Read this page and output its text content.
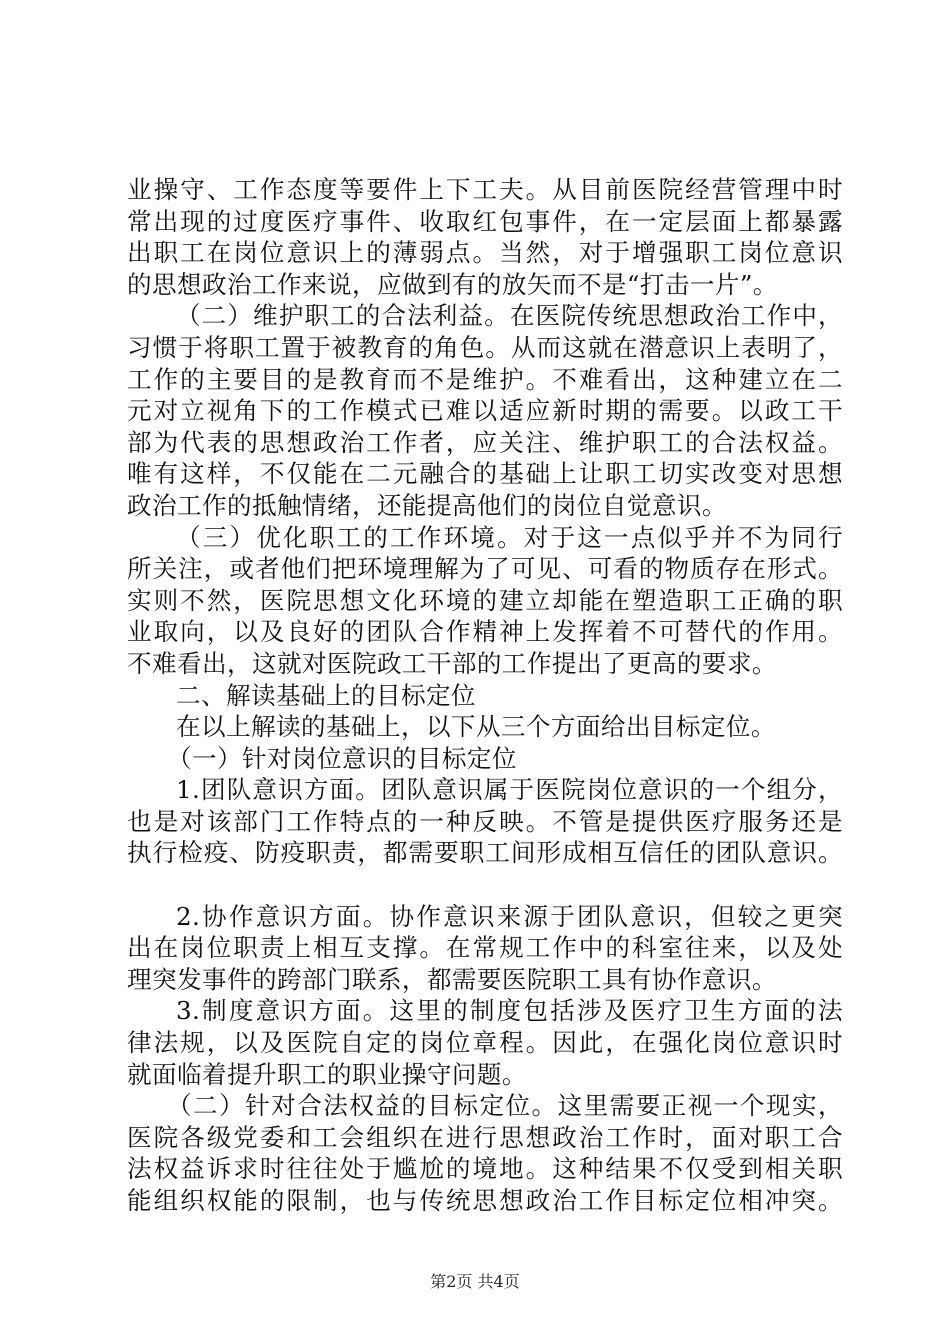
业操守、工作态度等要件上下工夫。从目前医院经营管理中时
常出现的过度医疗事件、收取红包事件，在一定层面上都暴露
出职工在岗位意识上的薄弱点。当然，对于增强职工岗位意识
的思想政治工作来说，应做到有的放矢而不是“打击一片”。
（二）维护职工的合法利益。在医院传统思想政治工作中，
习惯于将职工置于被教育的角色。从而这就在潜意识上表明了，
工作的主要目的是教育而不是维护。不难看出，这种建立在二
元对立视角下的工作模式已难以适应新时期的需要。以政工干
部为代表的思想政治工作者，应关注、维护职工的合法权益。
唯有这样，不仅能在二元融合的基础上让职工切实改变对思想
政治工作的抵触情绪，还能提高他们的岗位自觉意识。
（三）优化职工的工作环境。对于这一点似乎并不为同行
所关注，或者他们把环境理解为了可见、可看的物质存在形式。
实则不然，医院思想文化环境的建立却能在塑造职工正确的职
业取向，以及良好的团队合作精神上发挥着不可替代的作用。
不难看出，这就对医院政工干部的工作提出了更高的要求。
二、解读基础上的目标定位
在以上解读的基础上，以下从三个方面给出目标定位。
（一）针对岗位意识的目标定位
1.团队意识方面。团队意识属于医院岗位意识的一个组分，
也是对该部门工作特点的一种反映。不管是提供医疗服务还是
执行检疫、防疫职责，都需要职工间形成相互信任的团队意识。
2.协作意识方面。协作意识来源于团队意识，但较之更突
出在岗位职责上相互支撑。在常规工作中的科室往来，以及处
理突发事件的跨部门联系，都需要医院职工具有协作意识。
3.制度意识方面。这里的制度包括涉及医疗卫生方面的法
律法规，以及医院自定的岗位章程。因此，在强化岗位意识时
就面临着提升职工的职业操守问题。
（二）针对合法权益的目标定位。这里需要正视一个现实，
医院各级党委和工会组织在进行思想政治工作时，面对职工合
法权益诉求时往往处于尴尬的境地。这种结果不仅受到相关职
能组织权能的限制，也与传统思想政治工作目标定位相冲突。
第2页 共4页
